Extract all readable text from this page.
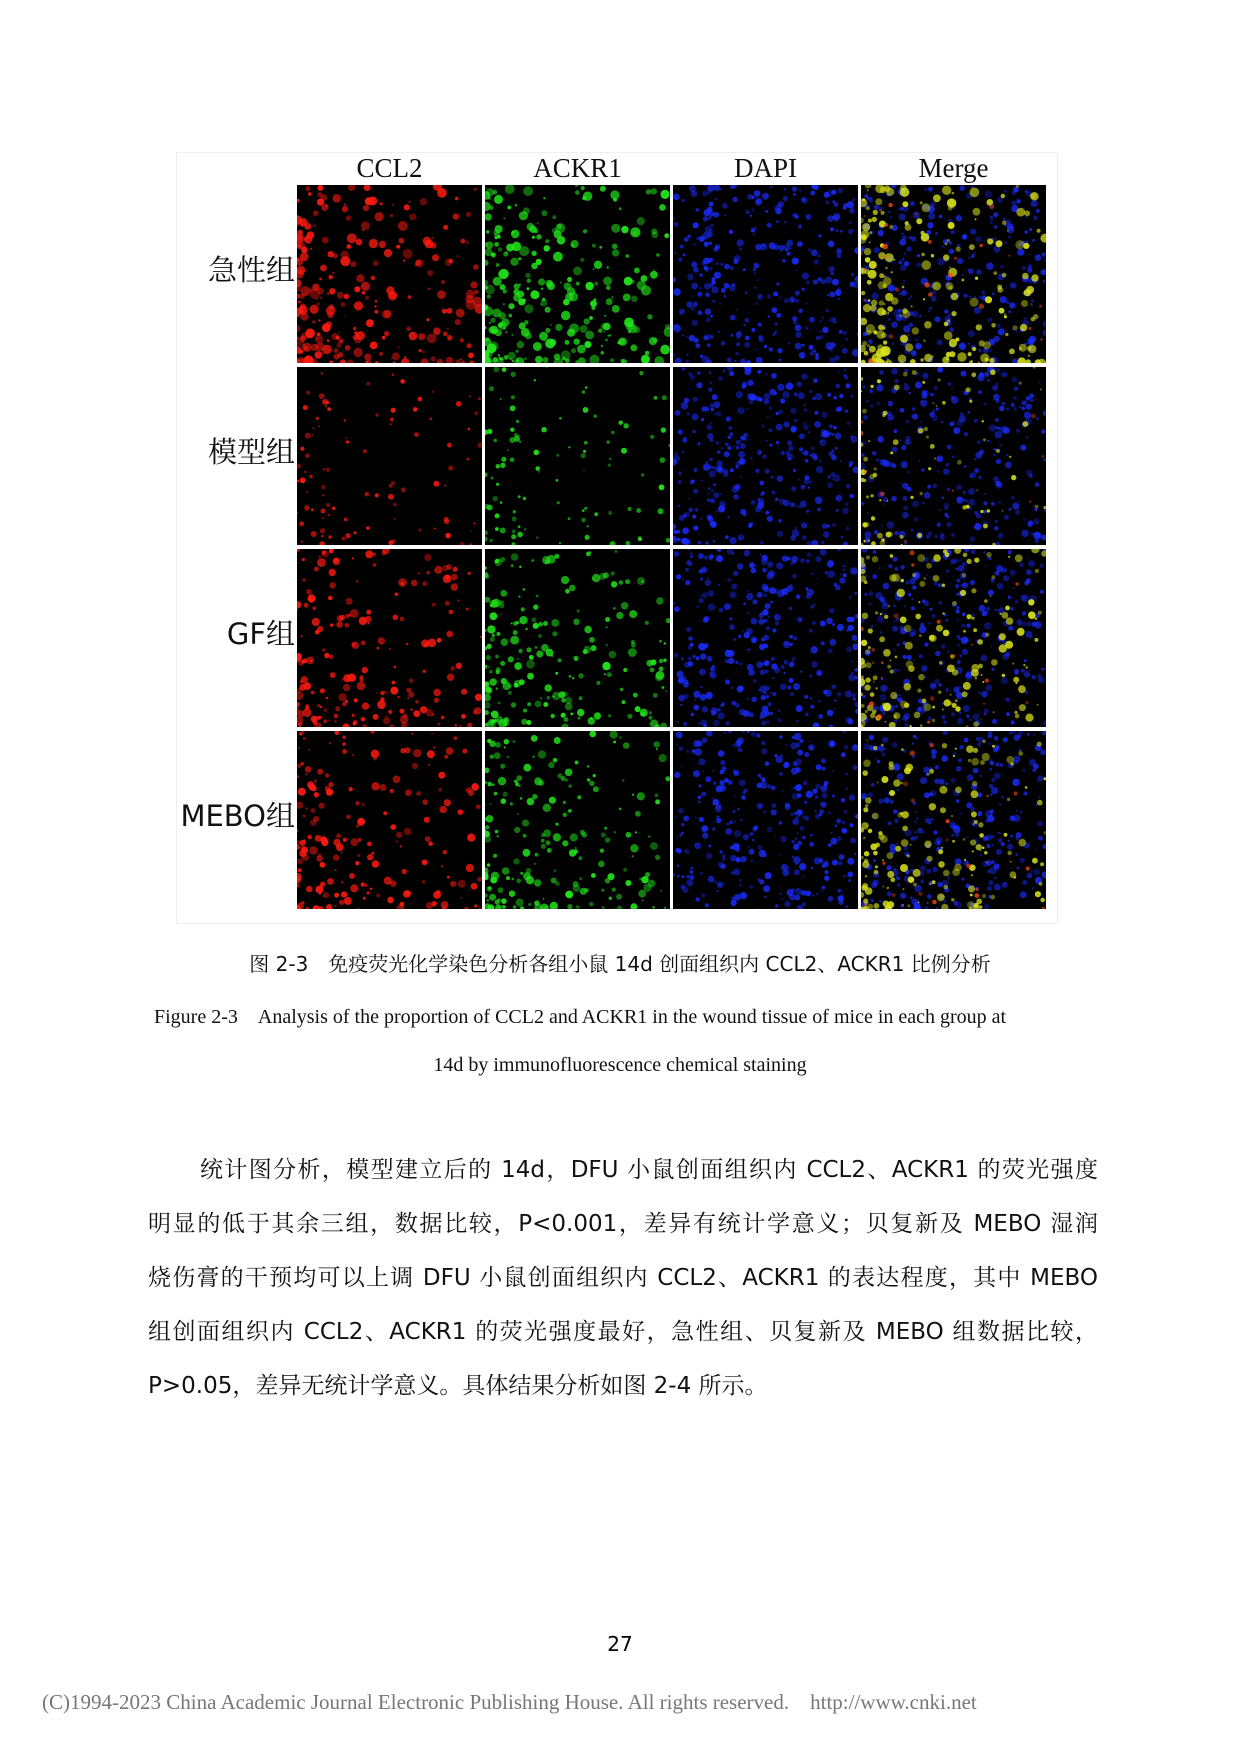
CCL2	ACKR1	DAPI	Merge
急性组
模型组
GF组
MEBO组
图 2-3　免疫荧光化学染色分析各组小鼠 14d 创面组织内 CCL2、ACKR1 比例分析
Figure 2-3　Analysis of the proportion of CCL2 and ACKR1 in the wound tissue of mice in each group at
14d by immunofluorescence chemical staining
统计图分析，模型建立后的 14d，DFU 小鼠创面组织内 CCL2、ACKR1 的荧光强度
明显的低于其余三组，数据比较，P<0.001，差异有统计学意义；贝复新及 MEBO 湿润
烧伤膏的干预均可以上调 DFU 小鼠创面组织内 CCL2、ACKR1 的表达程度，其中 MEBO
组创面组织内 CCL2、ACKR1 的荧光强度最好，急性组、贝复新及 MEBO 组数据比较，
P>0.05，差异无统计学意义。具体结果分析如图 2-4 所示。
27
(C)1994-2023 China Academic Journal Electronic Publishing House. All rights reserved.    http://www.cnki.net
